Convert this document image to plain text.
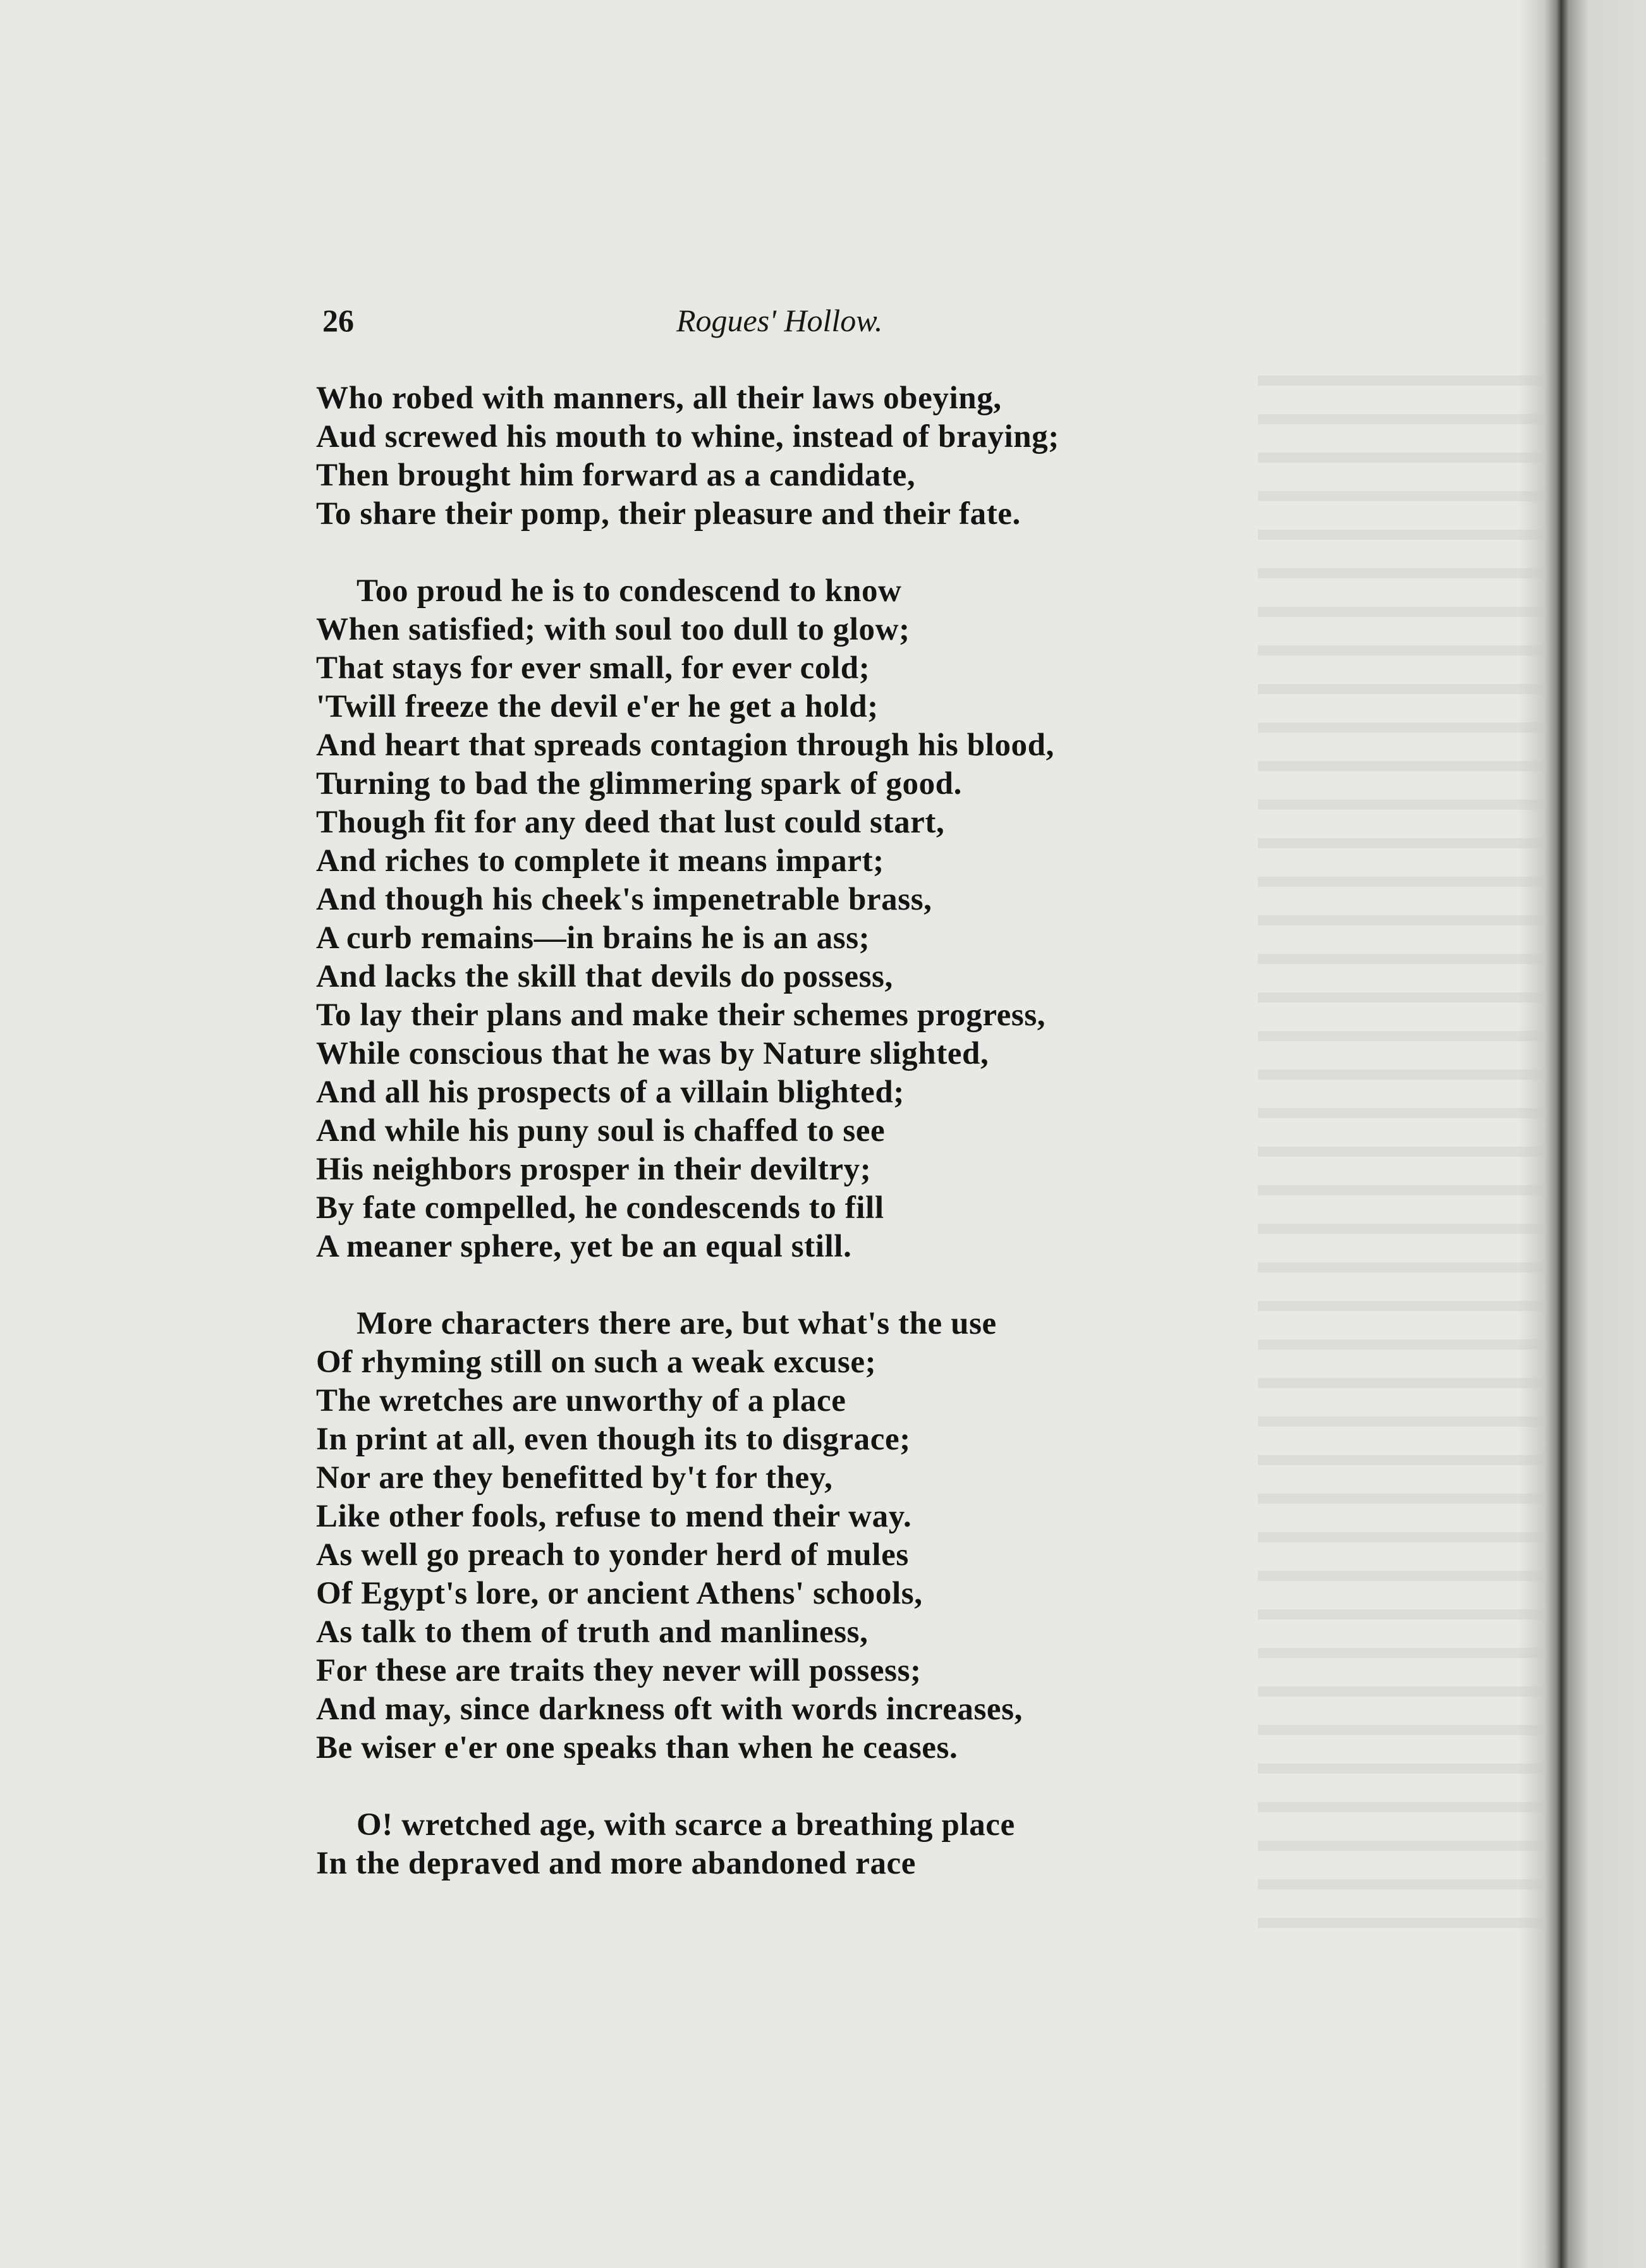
26	Rogues' Hollow.
Who robed with manners, all their laws obeying,
Aud screwed his mouth to whine, instead of braying;
Then brought him forward as a candidate,
To share their pomp, their pleasure and their fate.
Too proud he is to condescend to know
When satisfied; with soul too dull to glow;
That stays for ever small, for ever cold;
'Twill freeze the devil e'er he get a hold;
And heart that spreads contagion through his blood,
Turning to bad the glimmering spark of good.
Though fit for any deed that lust could start,
And riches to complete it means impart;
And though his cheek's impenetrable brass,
A curb remains—in brains he is an ass;
And lacks the skill that devils do possess,
To lay their plans and make their schemes progress,
While conscious that he was by Nature slighted,
And all his prospects of a villain blighted;
And while his puny soul is chaffed to see
His neighbors prosper in their deviltry;
By fate compelled, he condescends to fill
A meaner sphere, yet be an equal still.
More characters there are, but what's the use
Of rhyming still on such a weak excuse;
The wretches are unworthy of a place
In print at all, even though its to disgrace;
Nor are they benefitted by't for they,
Like other fools, refuse to mend their way.
As well go preach to yonder herd of mules
Of Egypt's lore, or ancient Athens' schools,
As talk to them of truth and manliness,
For these are traits they never will possess;
And may, since darkness oft with words increases,
Be wiser e'er one speaks than when he ceases.
O! wretched age, with scarce a breathing place
In the depraved and more abandoned race
